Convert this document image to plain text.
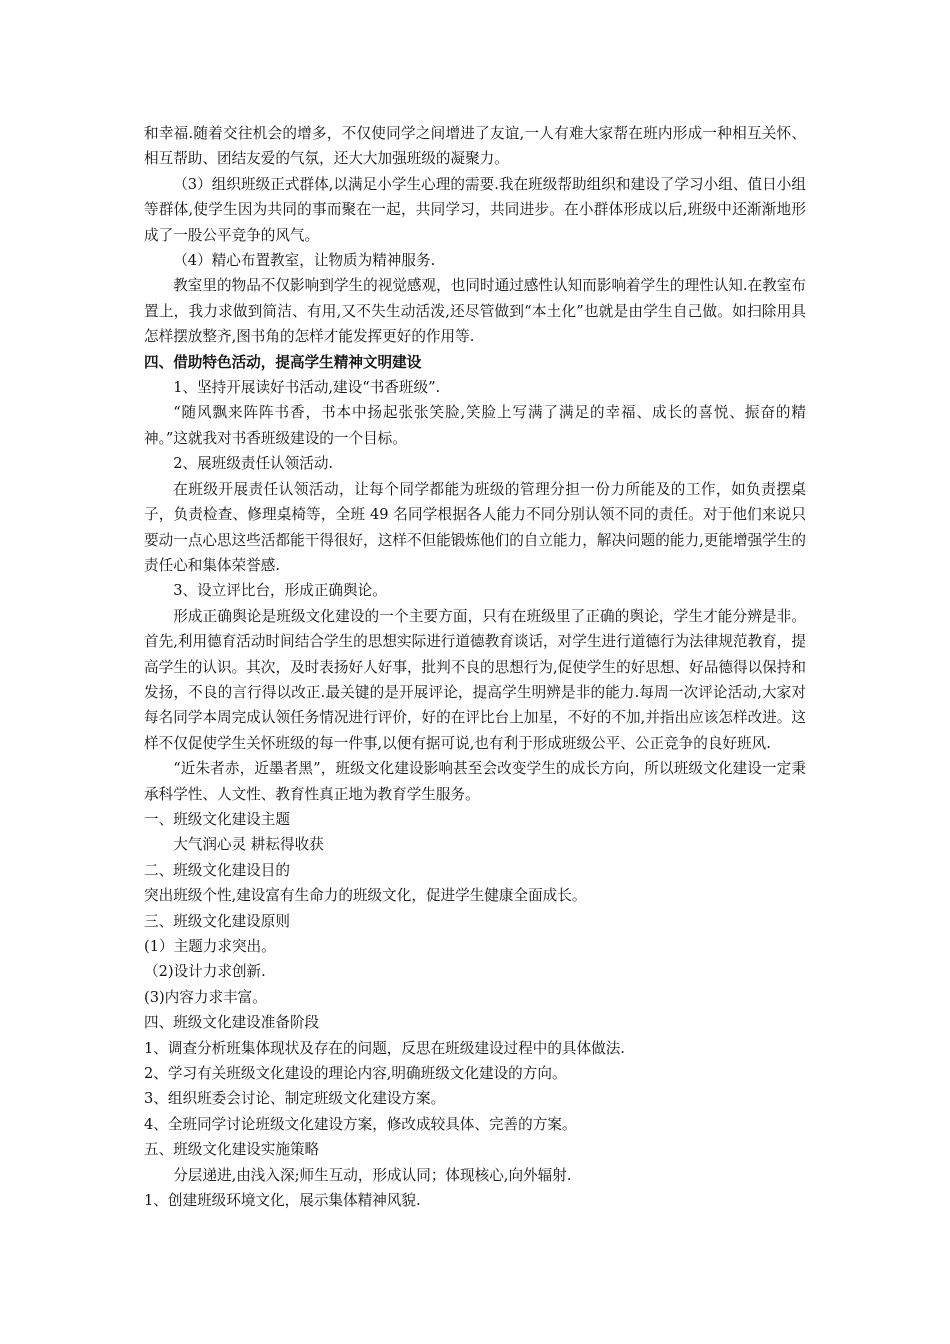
和幸福.随着交往机会的增多，不仅使同学之间增进了友谊,一人有难大家帮在班内形成一种相互关怀、相互帮助、团结友爱的气氛，还大大加强班级的凝聚力。

（3）组织班级正式群体,以满足小学生心理的需要.我在班级帮助组织和建设了学习小组、值日小组等群体,使学生因为共同的事而聚在一起，共同学习，共同进步。在小群体形成以后,班级中还渐渐地形成了一股公平竞争的风气。

（4）精心布置教室，让物质为精神服务.

教室里的物品不仅影响到学生的视觉感观，也同时通过感性认知而影响着学生的理性认知.在教室布置上，我力求做到简洁、有用,又不失生动活泼,还尽管做到“本土化”也就是由学生自己做。如扫除用具怎样摆放整齐,图书角的怎样才能发挥更好的作用等.

四、借助特色活动，提高学生精神文明建设

1、坚持开展读好书活动,建设“书香班级”.

“随风飘来阵阵书香，书本中扬起张张笑脸,笑脸上写满了满足的幸福、成长的喜悦、振奋的精神。”这就我对书香班级建设的一个目标。

2、展班级责任认领活动.

在班级开展责任认领活动，让每个同学都能为班级的管理分担一份力所能及的工作，如负责摆桌子，负责检查、修理桌椅等，全班 49 名同学根据各人能力不同分别认领不同的责任。对于他们来说只要动一点心思这些活都能干得很好，这样不但能锻炼他们的自立能力，解决问题的能力,更能增强学生的责任心和集体荣誉感.

3、设立评比台，形成正确舆论。

形成正确舆论是班级文化建设的一个主要方面，只有在班级里了正确的舆论，学生才能分辨是非。首先,利用德育活动时间结合学生的思想实际进行道德教育谈话，对学生进行道德行为法律规范教育，提高学生的认识。其次，及时表扬好人好事，批判不良的思想行为,促使学生的好思想、好品德得以保持和发扬，不良的言行得以改正.最关键的是开展评论，提高学生明辨是非的能力.每周一次评论活动,大家对每名同学本周完成认领任务情况进行评价，好的在评比台上加星，不好的不加,并指出应该怎样改进。这样不仅促使学生关怀班级的每一件事,以便有据可说,也有利于形成班级公平、公正竞争的良好班风.

“近朱者赤，近墨者黑”，班级文化建设影响甚至会改变学生的成长方向，所以班级文化建设一定秉承科学性、人文性、教育性真正地为教育学生服务。

一、班级文化建设主题

大气润心灵 耕耘得收获

二、班级文化建设目的

突出班级个性,建设富有生命力的班级文化，促进学生健康全面成长。

三、班级文化建设原则

(1）主题力求突出。

（2)设计力求创新.

(3)内容力求丰富。

四、班级文化建设准备阶段

1、调查分析班集体现状及存在的问题，反思在班级建设过程中的具体做法.

2、学习有关班级文化建设的理论内容,明确班级文化建设的方向。

3、组织班委会讨论、制定班级文化建设方案。

4、全班同学讨论班级文化建设方案，修改成较具体、完善的方案。

五、班级文化建设实施策略

分层递进,由浅入深;师生互动，形成认同；体现核心,向外辐射.

1、创建班级环境文化，展示集体精神风貌.
